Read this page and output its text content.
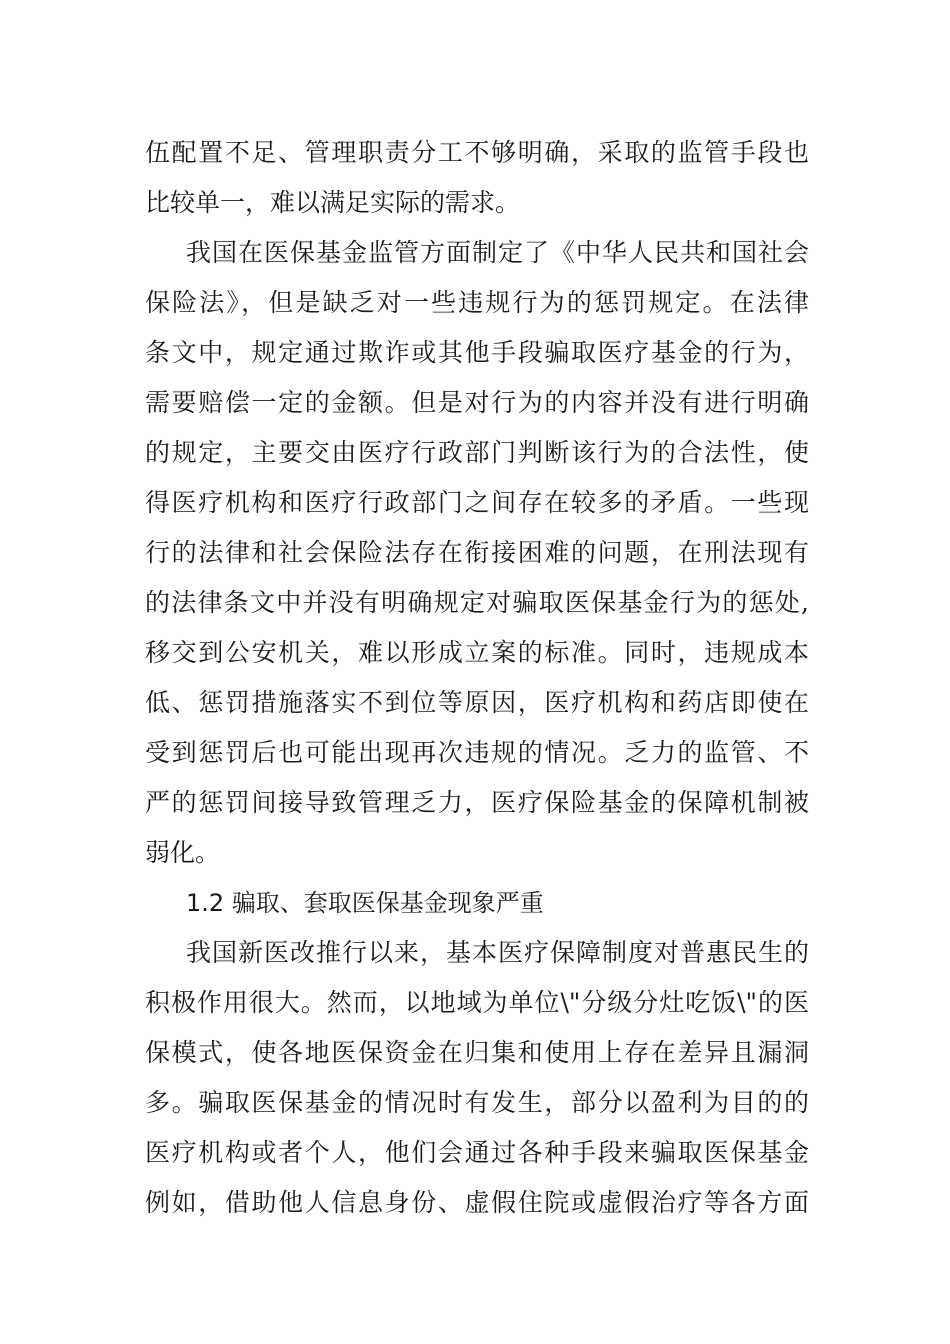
伍配置不足、管理职责分工不够明确，采取的监管手段也

比较单一，难以满足实际的需求。

我国在医保基金监管方面制定了《中华人民共和国社会

保险法》，但是缺乏对一些违规行为的惩罚规定。在法律

条文中，规定通过欺诈或其他手段骗取医疗基金的行为，

需要赔偿一定的金额。但是对行为的内容并没有进行明确

的规定，主要交由医疗行政部门判断该行为的合法性，使

得医疗机构和医疗行政部门之间存在较多的矛盾。一些现

行的法律和社会保险法存在衔接困难的问题，在刑法现有

的法律条文中并没有明确规定对骗取医保基金行为的惩处,

移交到公安机关，难以形成立案的标准。同时，违规成本

低、惩罚措施落实不到位等原因，医疗机构和药店即使在

受到惩罚后也可能出现再次违规的情况。乏力的监管、不

严的惩罚间接导致管理乏力，医疗保险基金的保障机制被

弱化。

1.2 骗取、套取医保基金现象严重

我国新医改推行以来，基本医疗保障制度对普惠民生的

积极作用很大。然而，以地域为单位\"分级分灶吃饭\"的医

保模式，使各地医保资金在归集和使用上存在差异且漏洞

多。骗取医保基金的情况时有发生，部分以盈利为目的的

医疗机构或者个人，他们会通过各种手段来骗取医保基金

例如，借助他人信息身份、虚假住院或虚假治疗等各方面
